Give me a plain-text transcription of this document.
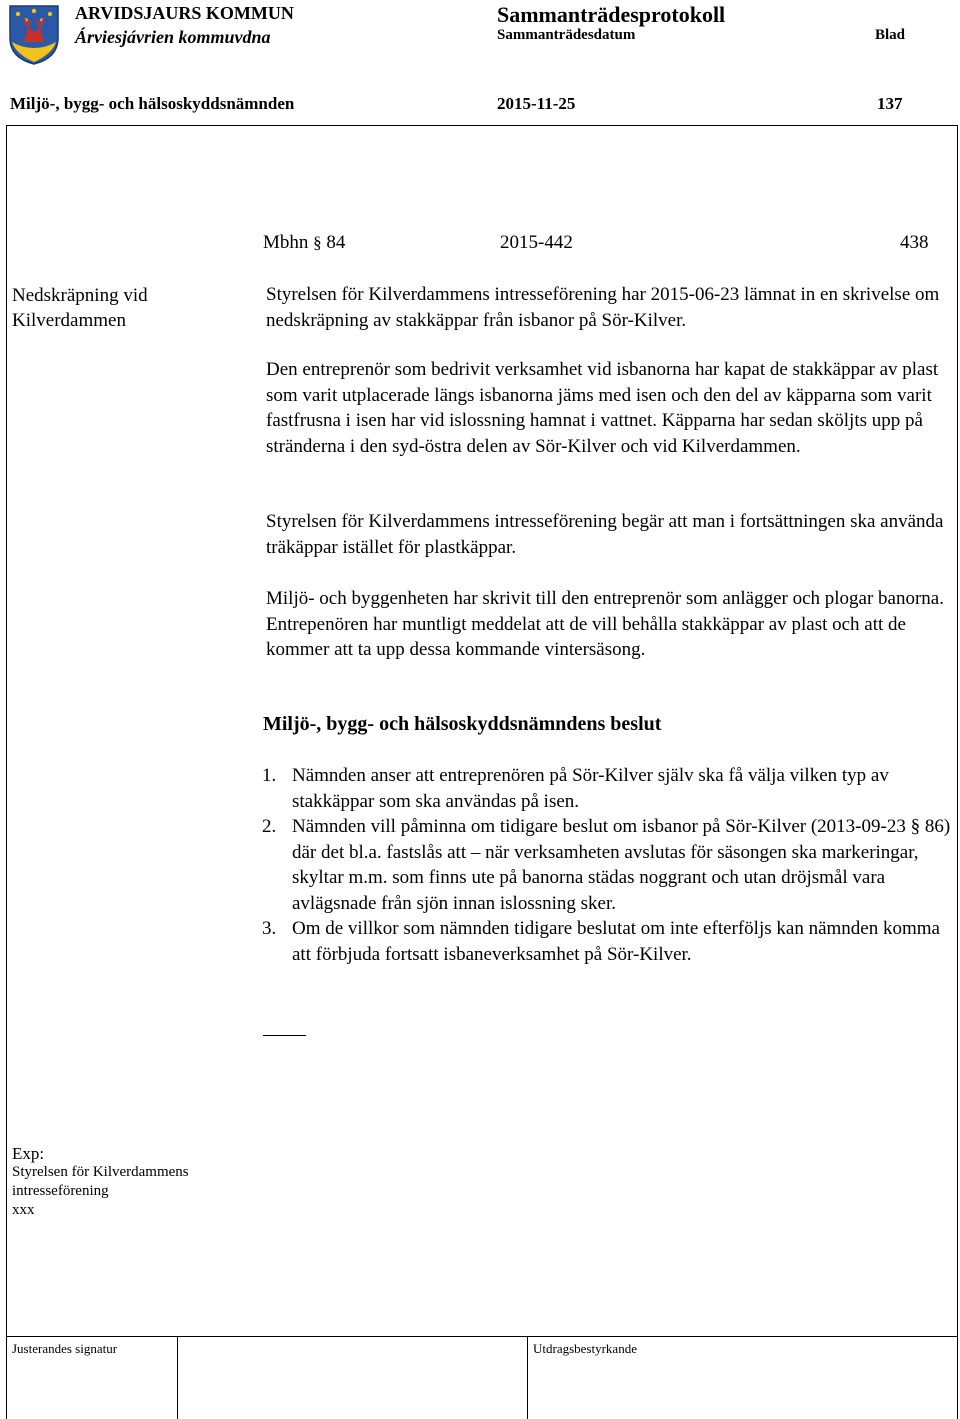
ARVIDSJAURS KOMMUN
Árviesjávrien kommuvdna
Sammanträdesprotokoll
Sammanträdesdatum	Blad
Miljö-, bygg- och hälsoskyddsnämnden	2015-11-25	137
Mbhn § 84	2015-442	438
Nedskräpning vid
Kilverdammen

Styrelsen för Kilverdammens intresseförening har 2015-06-23 lämnat in en skrivelse om nedskräpning av stakkäppar från isbanor på Sör-Kilver.

Den entreprenör som bedrivit verksamhet vid isbanorna har kapat de stakkäppar av plast som varit utplacerade längs isbanorna jäms med isen och den del av käpparna som varit fastfrusna i isen har vid islossning hamnat i vattnet. Käpparna har sedan sköljts upp på stränderna i den syd-östra delen av Sör-Kilver och vid Kilverdammen.

Styrelsen för Kilverdammens intresseförening begär att man i fortsättningen ska använda träkäppar istället för plastkäppar.

Miljö- och byggenheten har skrivit till den entreprenör som anlägger och plogar banorna. Entrepenören har muntligt meddelat att de vill behålla stakkäppar av plast och att de kommer att ta upp dessa kommande vintersäsong.

Miljö-, bygg- och hälsoskyddsnämndens beslut
1. Nämnden anser att entreprenören på Sör-Kilver själv ska få välja vilken typ av stakkäppar som ska användas på isen.
2. Nämnden vill påminna om tidigare beslut om isbanor på Sör-Kilver (2013-09-23 § 86) där det bl.a. fastslås att – när verksamheten avslutas för säsongen ska markeringar, skyltar m.m. som finns ute på banorna städas noggrant och utan dröjsmål vara avlägsnade från sjön innan islossning sker.
3. Om de villkor som nämnden tidigare beslutat om inte efterföljs kan nämnden komma att förbjuda fortsatt isbaneverksamhet på Sör-Kilver.
Exp:
Styrelsen för Kilverdammens
intresseförening
xxx
Justerandes signatur	Utdragsbestyrkande
